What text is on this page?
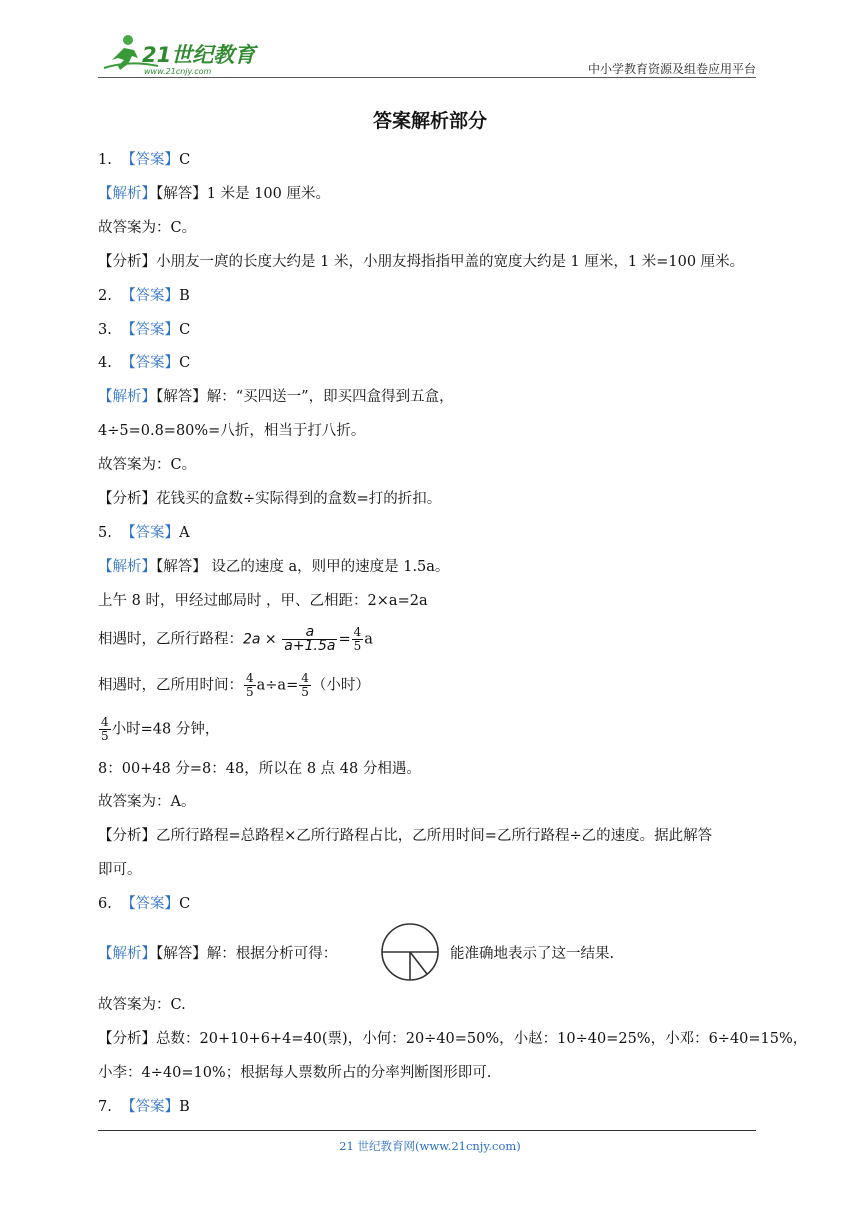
21世纪教育
www.21cnjy.com	中小学教育资源及组卷应用平台
答案解析部分
1. 【答案】C
【解析】【解答】1 米是 100 厘米。
故答案为：C。
【分析】小朋友一庹的长度大约是 1 米，小朋友拇指指甲盖的宽度大约是 1 厘米，1 米=100 厘米。
2. 【答案】B
3. 【答案】C
4. 【答案】C
【解析】【解答】解：“买四送一”，即买四盒得到五盒，
4÷5=0.8=80%=八折，相当于打八折。
故答案为：C。
【分析】花钱买的盒数÷实际得到的盒数=打的折扣。
5. 【答案】A
【解析】【解答】 设乙的速度 a，则甲的速度是 1.5a。
上午 8 时，甲经过邮局时 ，甲、乙相距：2×a=2a
相遇时，乙所行路程：$2a \times \frac{a}{a+1.5a} = \frac{4}{5}$ a
相遇时，乙所用时间： $\frac{4}{5} a\div a= \frac{4}{5}$ （小时）
$\frac{4}{5}$ 小时=48 分钟，
8：00+48 分=8：48，所以在 8 点 48 分相遇。
故答案为：A。
【分析】乙所行路程=总路程×乙所行路程占比，乙所用时间=乙所行路程÷乙的速度。据此解答
即可。
6. 【答案】C
【解析】【解答】解：根据分析可得：	能准确地表示了这一结果.
故答案为：C.
【分析】总数：20+10+6+4=40(票)，小何：20÷40=50%，小赵：10÷40=25%，小邓：6÷40=15%，
小李：4÷40=10%；根据每人票数所占的分率判断图形即可.
7. 【答案】B
21 世纪教育网(www.21cnjy.com)
